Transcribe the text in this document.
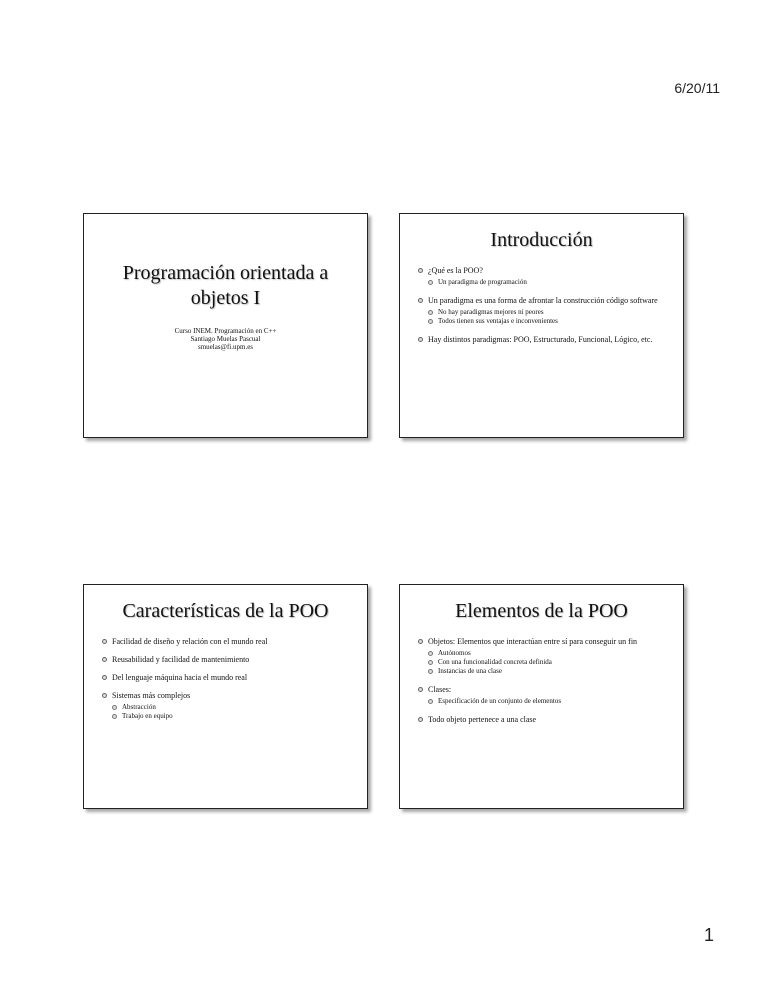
6/20/11
Programación orientada a objetos I
Curso INEM. Programación en C++
Santiago Muelas Pascual
smuelas@fi.upm.es
Introducción
¿Qué es la POO?
Un paradigma de programación
Un paradigma es una forma de afrontar la construcción código software
No hay paradigmas mejores ni peores
Todos tienen sus ventajas e inconvenientes
Hay distintos paradigmas: POO, Estructurado, Funcional, Lógico, etc.
Características de la POO
Facilidad de diseño y relación con el mundo real
Reusabilidad y facilidad de mantenimiento
Del lenguaje máquina hacia el mundo real
Sistemas más complejos
Abstracción
Trabajo en equipo
Elementos de la POO
Objetos: Elementos que interactúan entre sí para conseguir un fin
Autónomos
Con una funcionalidad concreta definida
Instancias de una clase
Clases:
Especificación de un conjunto de elementos
Todo objeto pertenece a una clase
1
